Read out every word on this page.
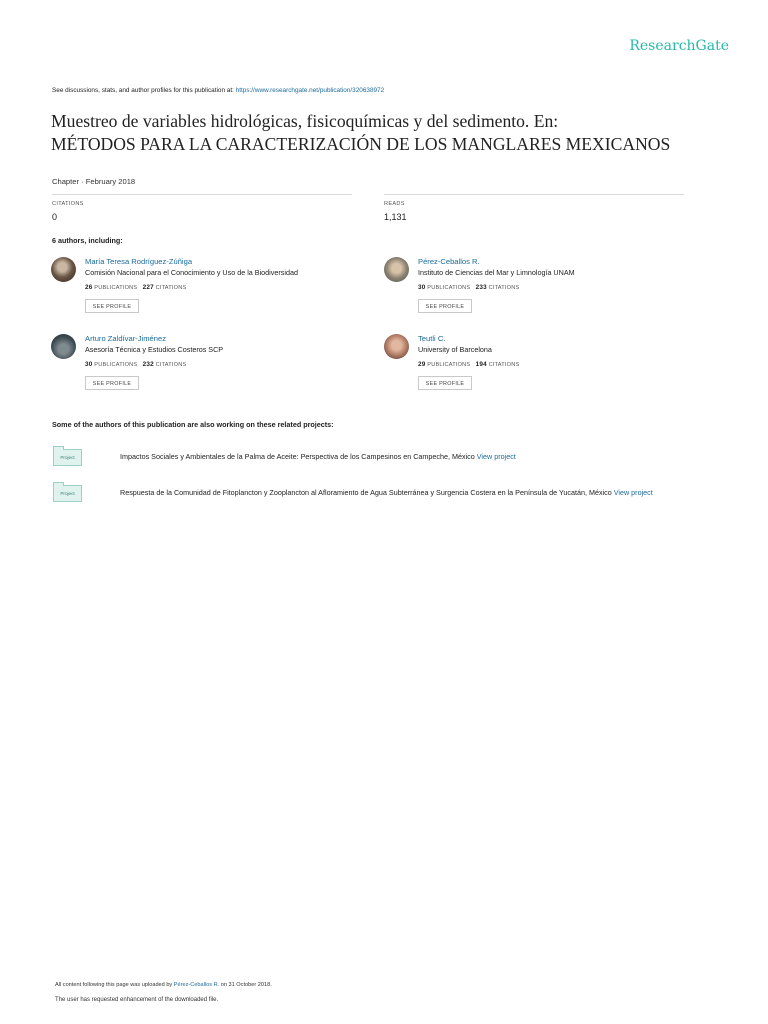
ResearchGate
See discussions, stats, and author profiles for this publication at: https://www.researchgate.net/publication/320638972
Muestreo de variables hidrológicas, fisicoquímicas y del sedimento. En:
MÉTODOS PARA LA CARACTERIZACIÓN DE LOS MANGLARES MEXICANOS
Chapter · February 2018
CITATIONS
0
READS
1,131
6 authors, including:
María Teresa Rodríguez-Zúñiga
Comisión Nacional para el Conocimiento y Uso de la Biodiversidad
26 PUBLICATIONS 227 CITATIONS
SEE PROFILE
Pérez-Ceballos R.
Instituto de Ciencias del Mar y Limnología UNAM
30 PUBLICATIONS 233 CITATIONS
SEE PROFILE
Arturo Zaldívar-Jiménez
Asesoría Técnica y Estudios Costeros SCP
30 PUBLICATIONS 232 CITATIONS
SEE PROFILE
Teutli C.
University of Barcelona
29 PUBLICATIONS 194 CITATIONS
SEE PROFILE
Some of the authors of this publication are also working on these related projects:
Project	Impactos Sociales y Ambientales de la Palma de Aceite: Perspectiva de los Campesinos en Campeche, México View project
Project	Respuesta de la Comunidad de Fitoplancton y Zooplancton al Afloramiento de Agua Subterránea y Surgencia Costera en la Península de Yucatán, México View project
All content following this page was uploaded by Pérez-Ceballos R. on 31 October 2018.
The user has requested enhancement of the downloaded file.
